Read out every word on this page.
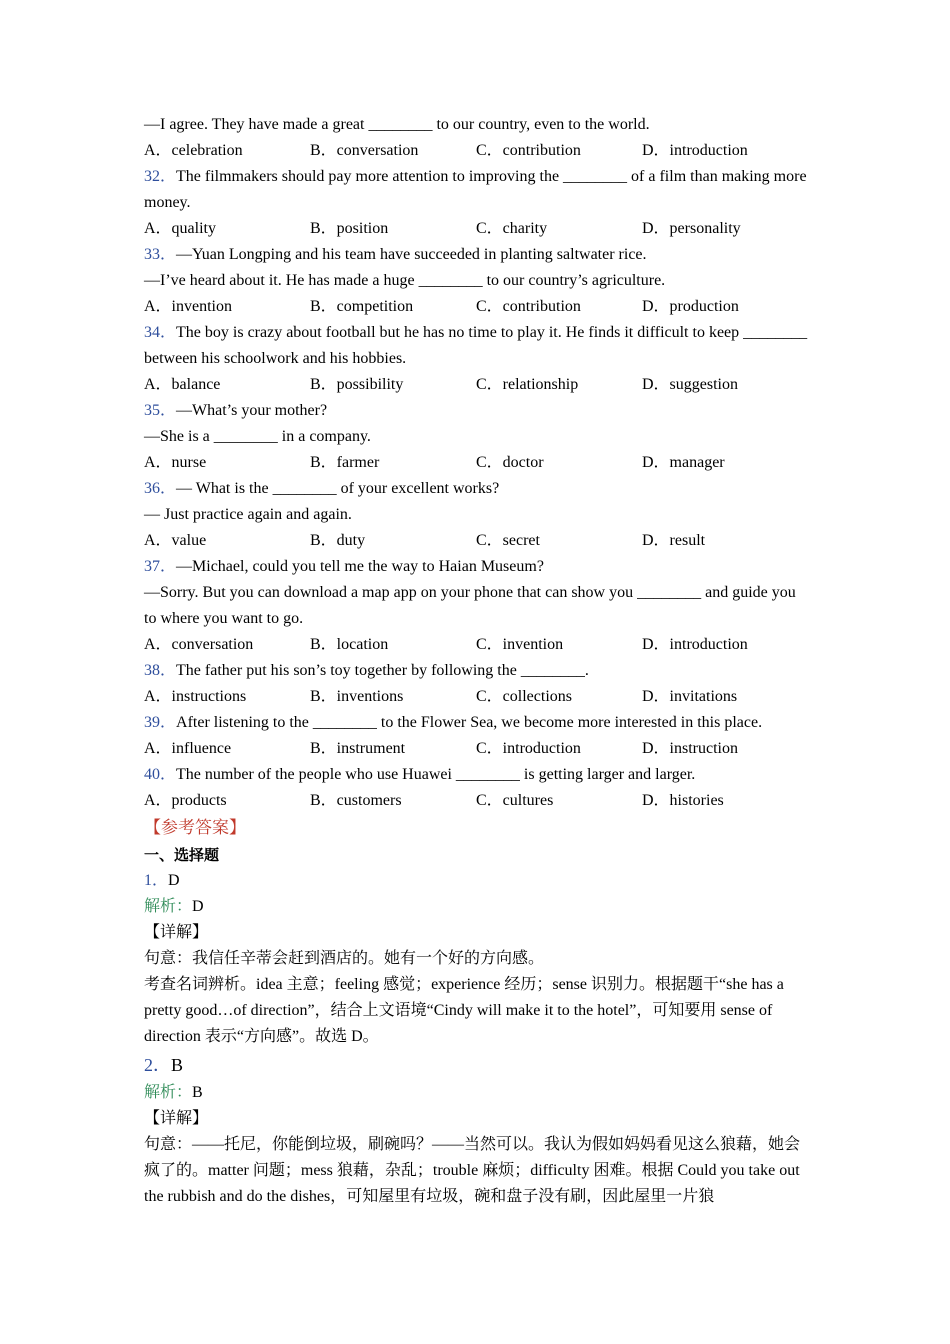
—I agree. They have made a great ________ to our country, even to the world.

A．celebration	B．conversation	C．contribution	D．introduction

32．The filmmakers should pay more attention to improving the ________ of a film than making more money.

A．quality	B．position	C．charity	D．personality

33．—Yuan Longping and his team have succeeded in planting saltwater rice.

—I’ve heard about it. He has made a huge ________ to our country’s agriculture.

A．invention	B．competition	C．contribution	D．production

34．The boy is crazy about football but he has no time to play it. He finds it difficult to keep ________ between his schoolwork and his hobbies.

A．balance	B．possibility	C．relationship	D．suggestion

35．—What’s your mother?

—She is a ________ in a company.

A．nurse	B．farmer	C．doctor	D．manager

36．— What is the ________ of your excellent works?

— Just practice again and again.

A．value	B．duty	C．secret	D．result

37．—Michael, could you tell me the way to Haian Museum?

—Sorry. But you can download a map app on your phone that can show you ________ and guide you to where you want to go.

A．conversation	B．location	C．invention	D．introduction

38．The father put his son’s toy together by following the ________.

A．instructions	B．inventions	C．collections	D．invitations

39．After listening to the ________ to the Flower Sea, we become more interested in this place.

A．influence	B．instrument	C．introduction	D．instruction

40．The number of the people who use Huawei ________ is getting larger and larger.

A．products	B．customers	C．cultures	D．histories

【参考答案】

一、选择题

1．D

解析：D

【详解】

句意：我信任辛蒂会赶到酒店的。她有一个好的方向感。

考查名词辨析。idea 主意；feeling 感觉；experience 经历；sense 识别力。根据题干“she has a pretty good…of direction”，结合上文语境“Cindy will make it to the hotel”，可知要用 sense of direction 表示“方向感”。故选 D。

2．B

解析：B

【详解】

句意：——托尼，你能倒垃圾，刷碗吗？——当然可以。我认为假如妈妈看见这么狼藉，她会疯了的。matter 问题；mess 狼藉，杂乱；trouble 麻烦；difficulty 困难。根据 Could you take out the rubbish and do the dishes，可知屋里有垃圾，碗和盘子没有刷，因此屋里一片狼
